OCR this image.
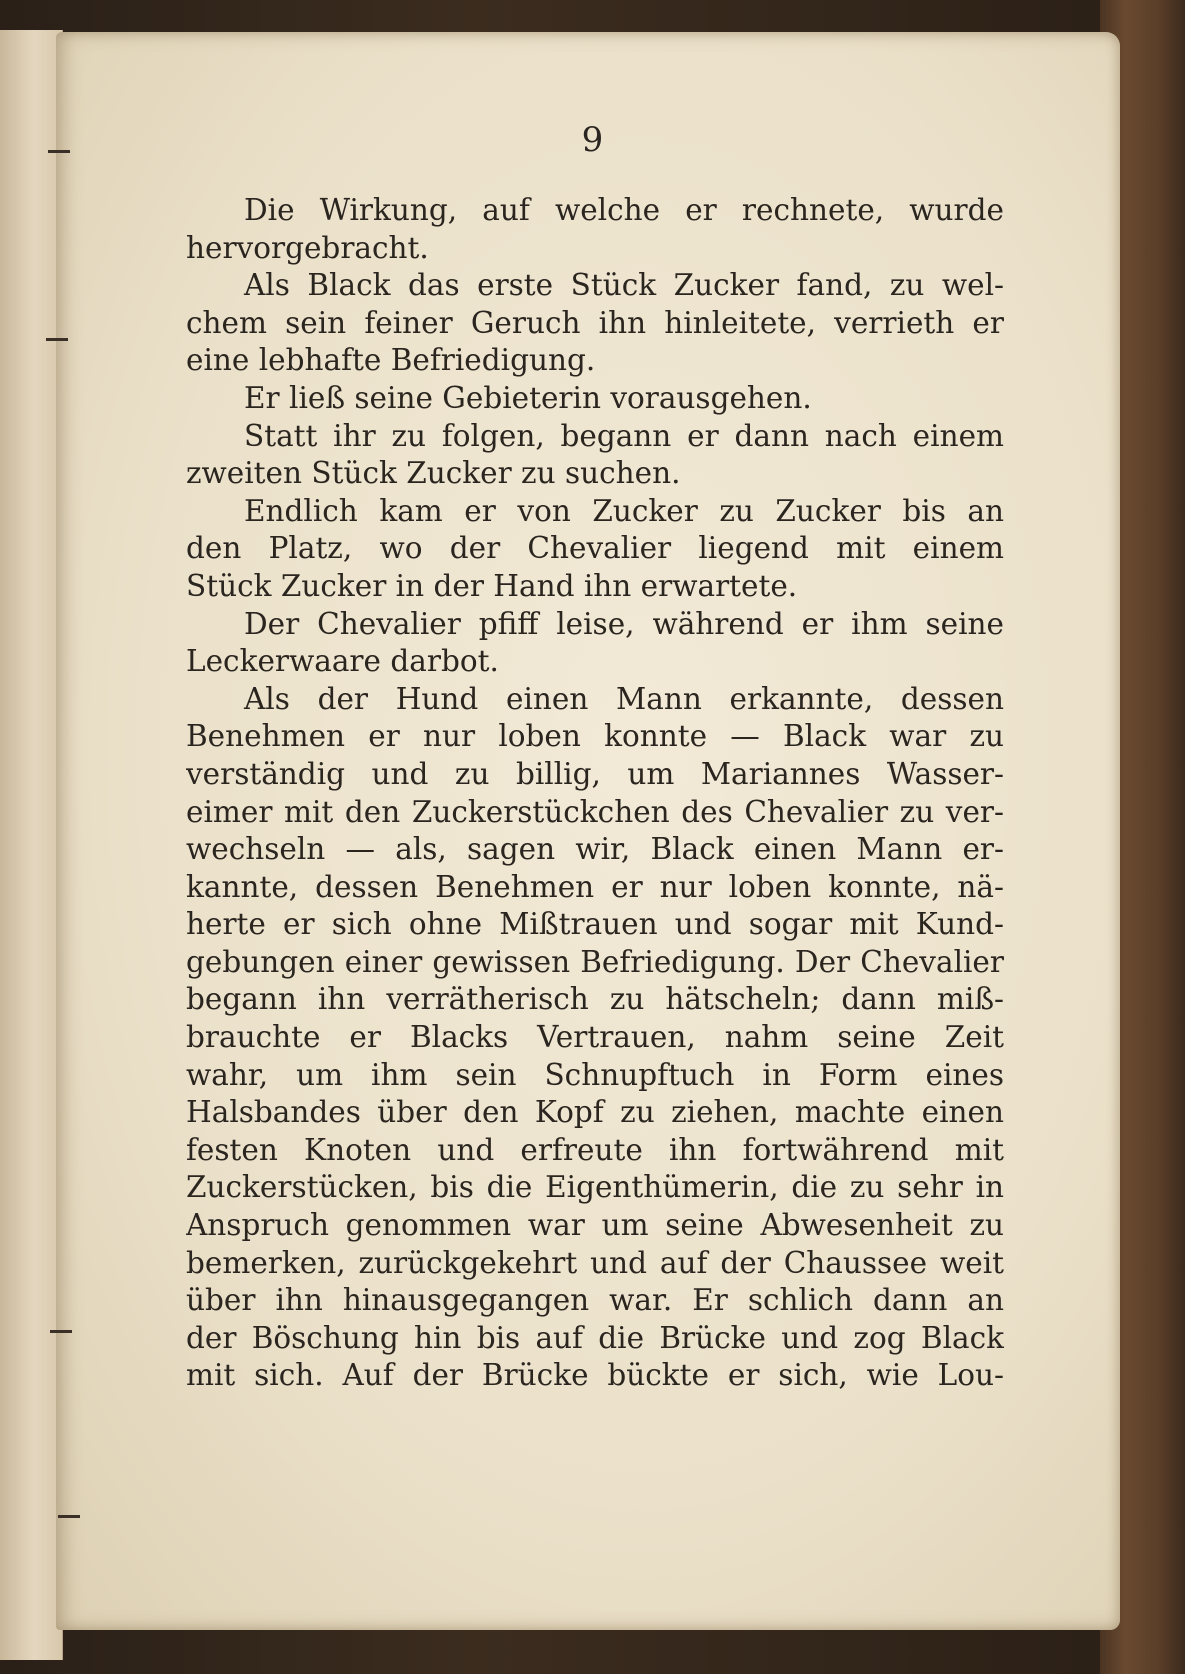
9
Die Wirkung, auf welche er rechnete, wurde
hervorgebracht.
Als Black das erste Stück Zucker fand, zu wel-
chem sein feiner Geruch ihn hinleitete, verrieth er
eine lebhafte Befriedigung.
Er ließ seine Gebieterin vorausgehen.
Statt ihr zu folgen, begann er dann nach einem
zweiten Stück Zucker zu suchen.
Endlich kam er von Zucker zu Zucker bis an
den Platz, wo der Chevalier liegend mit einem
Stück Zucker in der Hand ihn erwartete.
Der Chevalier pfiff leise, während er ihm seine
Leckerwaare darbot.
Als der Hund einen Mann erkannte, dessen
Benehmen er nur loben konnte — Black war zu
verständig und zu billig, um Mariannes Wasser-
eimer mit den Zuckerstückchen des Chevalier zu ver-
wechseln — als, sagen wir, Black einen Mann er-
kannte, dessen Benehmen er nur loben konnte, nä-
herte er sich ohne Mißtrauen und sogar mit Kund-
gebungen einer gewissen Befriedigung. Der Chevalier
begann ihn verrätherisch zu hätscheln; dann miß-
brauchte er Blacks Vertrauen, nahm seine Zeit
wahr, um ihm sein Schnupftuch in Form eines
Halsbandes über den Kopf zu ziehen, machte einen
festen Knoten und erfreute ihn fortwährend mit
Zuckerstücken, bis die Eigenthümerin, die zu sehr in
Anspruch genommen war um seine Abwesenheit zu
bemerken, zurückgekehrt und auf der Chaussee weit
über ihn hinausgegangen war. Er schlich dann an
der Böschung hin bis auf die Brücke und zog Black
mit sich. Auf der Brücke bückte er sich, wie Lou-
